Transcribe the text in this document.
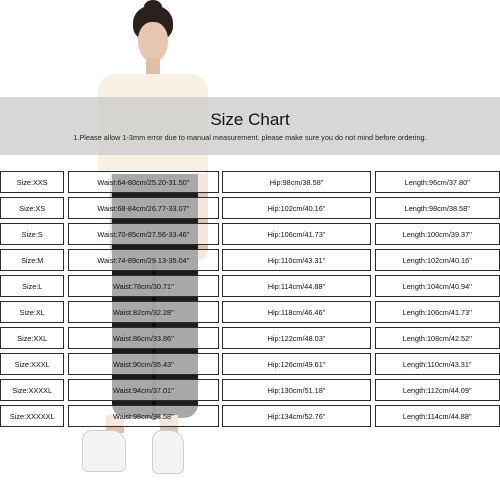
Size Chart
1.Please allow 1-3mm error due to manual measurement. please make sure you do not mind before ordering.
Size:XXS		Waist:64-80cm/25.20-31.50''		Hip:98cm/38.58''		Length:96cm/37.80''
Size:XS		Waist:68-84cm/26.77-33.07''		Hip:102cm/40.16''		Length:98cm/38.58''
Size:S		Waist:70-85cm/27.56-33.46''		Hip:106cm/41.73''		Length:100cm/39.37''
Size:M		Waist:74-89cm/29.13-35.04''		Hip:110cm/43.31''		Length:102cm/40.16''
Size:L		Waist:78cm/30.71''		Hip:114cm/44.88''		Length:104cm/40.94''
Size:XL		Waist:82cm/32.28''		Hip:118cm/46.46''		Length:106cm/41.73''
Size:XXL		Waist:86cm/33.86''		Hip:122cm/48.03''		Length:108cm/42.52''
Size:XXXL		Waist:90cm/35.43''		Hip:126cm/49.61''		Length:110cm/43.31''
Size:XXXXL		Waist:94cm/37.01''		Hip:130cm/51.18''		Length:112cm/44.09''
Size:XXXXXL		Waist:98cm/38.58''		Hip:134cm/52.76''		Length:114cm/44.88''
